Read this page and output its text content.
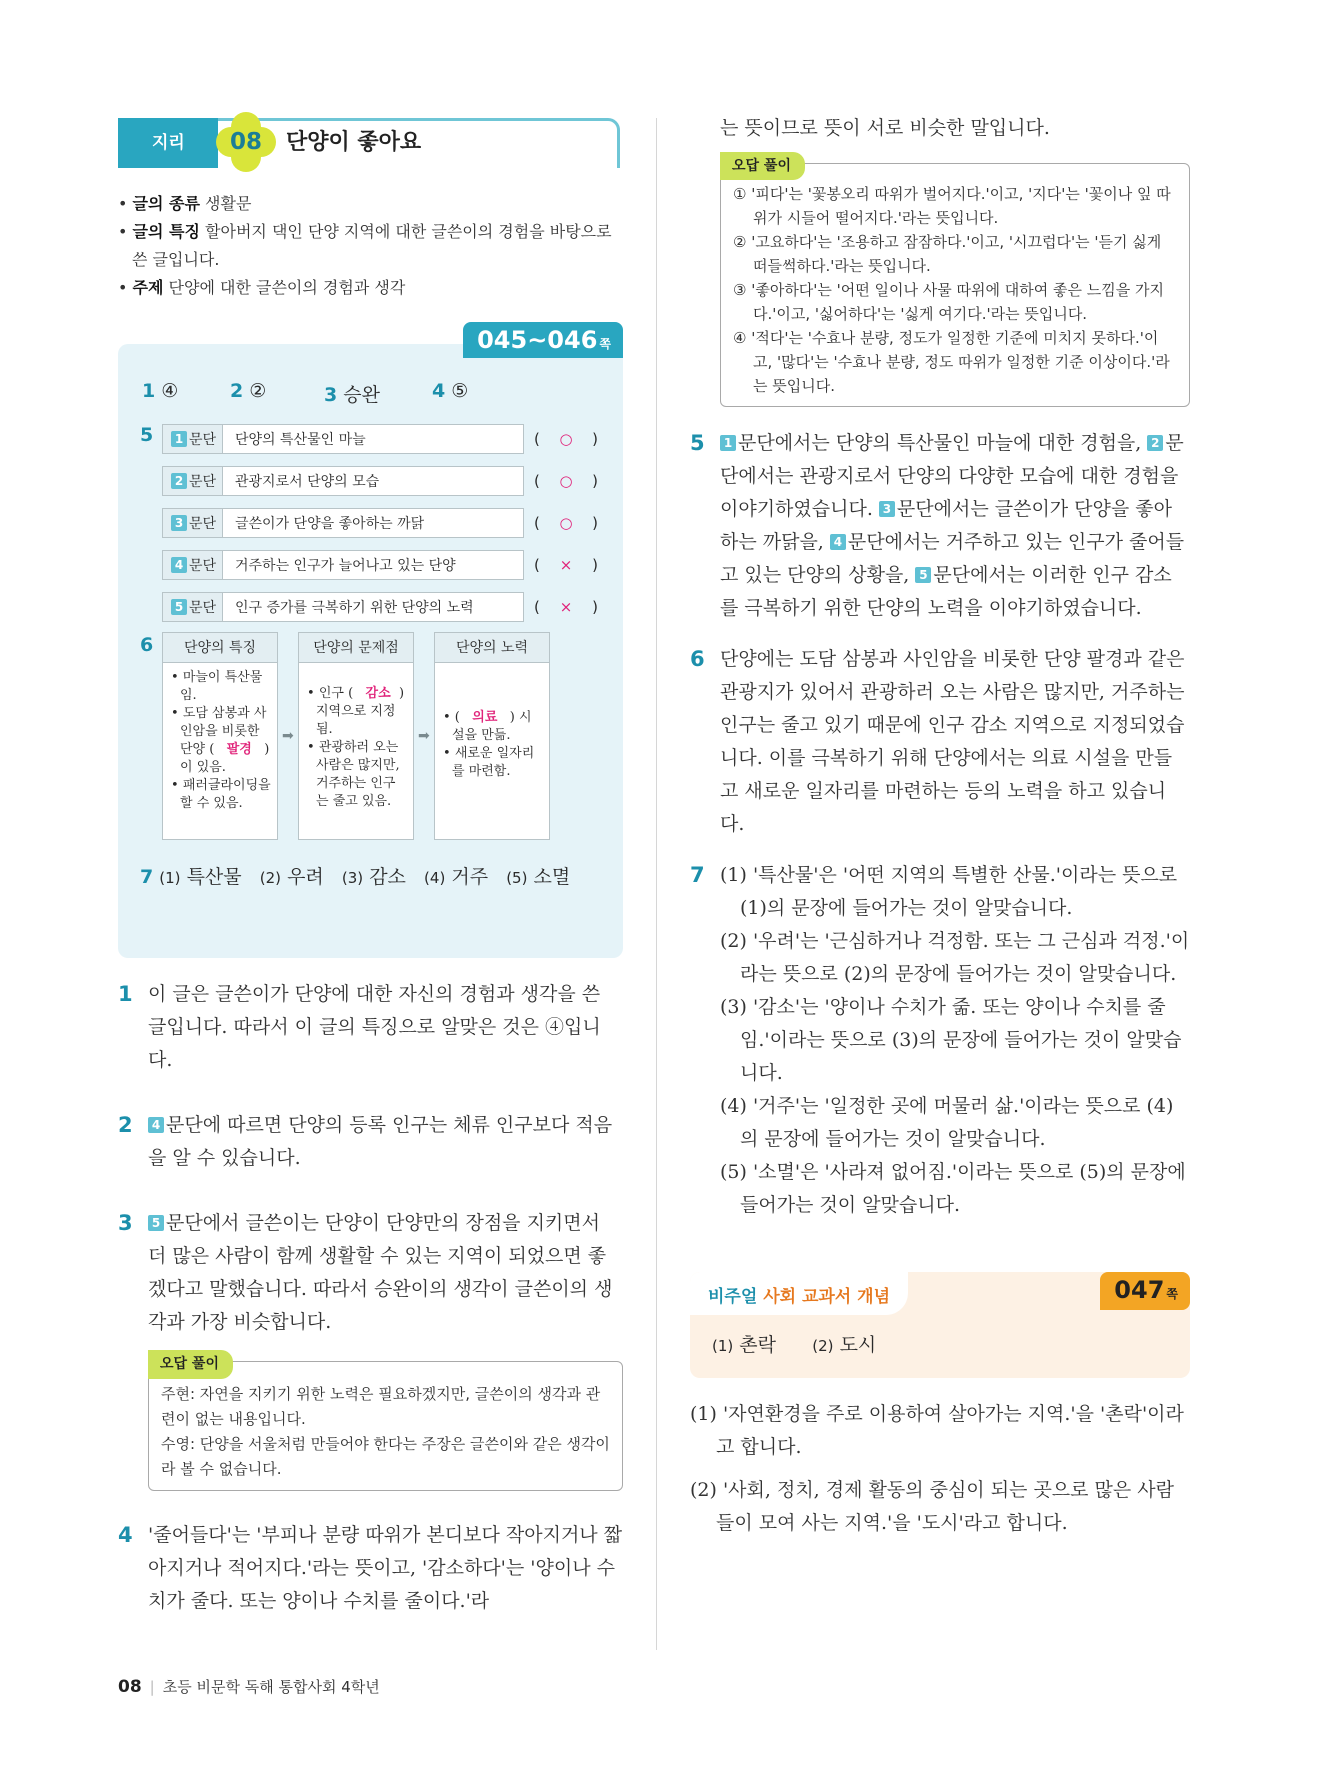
지리	08	단양이 좋아요

• 글의 종류 생활문

• 글의 특징 할아버지 댁인 단양 지역에 대한 글쓴이의 경험을 바탕으로 쓴 글입니다.

• 주제 단양에 대한 글쓴이의 경험과 생각

045~046 쪽
1 ④	2 ②	3 승완	4 ⑤
5	1 문단	단양의 특산물인 마늘	( ○ )
2 문단	관광지로서 단양의 모습	( ○ )
3 문단	글쓴이가 단양을 좋아하는 까닭	( ○ )
4 문단	거주하는 인구가 늘어나고 있는 단양	( × )
5 문단	인구 증가를 극복하기 위한 단양의 노력	( × )
6	단양의 특징

• 마늘이 특산물임.

• 도담 삼봉과 사인암을 비롯한 단양 (   팔경 )이 있음.

• 패러글라이딩을 할 수 있음.

➡
단양의 문제점

• 인구 (   감소 ) 지역으로 지정됨.

• 관광하러 오는 사람은 많지만, 거주하는 인구는 줄고 있음.

➡
단양의 노력

• (   의료   ) 시설을 만듦.

• 새로운 일자리를 마련함.

7 (1) 특산물 (2) 우려 (3) 감소 (4) 거주 (5) 소멸
1 이 글은 글쓴이가 단양에 대한 자신의 경험과 생각을 쓴 글입니다. 따라서 이 글의 특징으로 알맞은 것은 ④입니다.
2 4 문단에 따르면 단양의 등록 인구는 체류 인구보다 적음을 알 수 있습니다.
3 5 문단에서 글쓴이는 단양이 단양만의 장점을 지키면서 더 많은 사람이 함께 생활할 수 있는 지역이 되었으면 좋겠다고 말했습니다. 따라서 승완이의 생각이 글쓴이의 생각과 가장 비슷합니다.
오답 풀이

주현: 자연을 지키기 위한 노력은 필요하겠지만, 글쓴이의 생각과 관련이 없는 내용입니다.

수영: 단양을 서울처럼 만들어야 한다는 주장은 글쓴이와 같은 생각이라 볼 수 없습니다.

4 '줄어들다'는 '부피나 분량 따위가 본디보다 작아지거나 짧아지거나 적어지다.'라는 뜻이고, '감소하다'는 '양이나 수치가 줄다. 또는 양이나 수치를 줄이다.'라
는 뜻이므로 뜻이 서로 비슷한 말입니다.
오답 풀이

① '피다'는 '꽃봉오리 따위가 벌어지다.'이고, '지다'는 '꽃이나 잎 따위가 시들어 떨어지다.'라는 뜻입니다.

② '고요하다'는 '조용하고 잠잠하다.'이고, '시끄럽다'는 '듣기 싫게 떠들썩하다.'라는 뜻입니다.

③ '좋아하다'는 '어떤 일이나 사물 따위에 대하여 좋은 느낌을 가지다.'이고, '싫어하다'는 '싫게 여기다.'라는 뜻입니다.

④ '적다'는 '수효나 분량, 정도가 일정한 기준에 미치지 못하다.'이고, '많다'는 '수효나 분량, 정도 따위가 일정한 기준 이상이다.'라는 뜻입니다.

5 1 문단에서는 단양의 특산물인 마늘에 대한 경험을, 2 문단에서는 관광지로서 단양의 다양한 모습에 대한 경험을 이야기하였습니다. 3 문단에서는 글쓴이가 단양을 좋아하는 까닭을, 4 문단에서는 거주하고 있는 인구가 줄어들고 있는 단양의 상황을, 5 문단에서는 이러한 인구 감소를 극복하기 위한 단양의 노력을 이야기하였습니다.
6 단양에는 도담 삼봉과 사인암을 비롯한 단양 팔경과 같은 관광지가 있어서 관광하러 오는 사람은 많지만, 거주하는 인구는 줄고 있기 때문에 인구 감소 지역으로 지정되었습니다. 이를 극복하기 위해 단양에서는 의료 시설을 만들고 새로운 일자리를 마련하는 등의 노력을 하고 있습니다.
7 (1) '특산물'은 '어떤 지역의 특별한 산물.'이라는 뜻으로 (1)의 문장에 들어가는 것이 알맞습니다.

(2) '우려'는 '근심하거나 걱정함. 또는 그 근심과 걱정.'이라는 뜻으로 (2)의 문장에 들어가는 것이 알맞습니다.

(3) '감소'는 '양이나 수치가 줆. 또는 양이나 수치를 줄임.'이라는 뜻으로 (3)의 문장에 들어가는 것이 알맞습니다.

(4) '거주'는 '일정한 곳에 머물러 삶.'이라는 뜻으로 (4)의 문장에 들어가는 것이 알맞습니다.

(5) '소멸'은 '사라져 없어짐.'이라는 뜻으로 (5)의 문장에 들어가는 것이 알맞습니다.

비주얼 사회 교과서 개념	047 쪽
(1) 촌락 (2) 도시

(1) '자연환경을 주로 이용하여 살아가는 지역.'을 '촌락'이라고 합니다.

(2) '사회, 정치, 경제 활동의 중심이 되는 곳으로 많은 사람들이 모여 사는 지역.'을 '도시'라고 합니다.

08 | 초등 비문학 독해 통합사회 4학년
